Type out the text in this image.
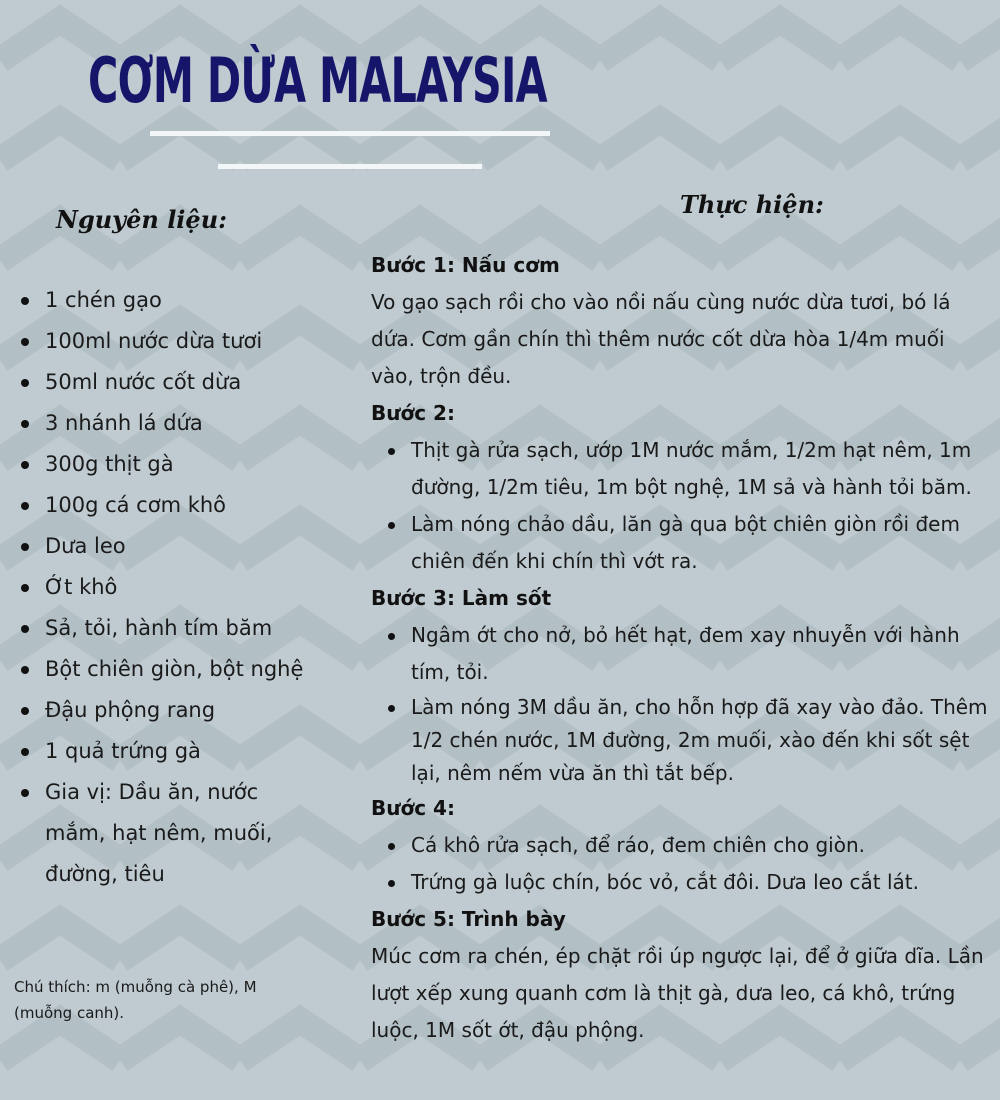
CƠM DỪA MALAYSIA
Nguyên liệu:
1 chén gạo
100ml nước dừa tươi
50ml nước cốt dừa
3 nhánh lá dứa
300g thịt gà
100g cá cơm khô
Dưa leo
Ớt khô
Sả, tỏi, hành tím băm
Bột chiên giòn, bột nghệ
Đậu phộng rang
1 quả trứng gà
Gia vị: Dầu ăn, nước mắm, hạt nêm, muối, đường, tiêu

Chú thích: m (muỗng cà phê), M (muỗng canh).

Thực hiện:

Bước 1: Nấu cơm

Vo gạo sạch rồi cho vào nồi nấu cùng nước dừa tươi, bó lá dứa. Cơm gần chín thì thêm nước cốt dừa hòa 1/4m muối vào, trộn đều.

Bước 2:

Thịt gà rửa sạch, ướp 1M nước mắm, 1/2m hạt nêm, 1m đường, 1/2m tiêu, 1m bột nghệ, 1M sả và hành tỏi băm.
Làm nóng chảo dầu, lăn gà qua bột chiên giòn rồi đem chiên đến khi chín thì vớt ra.

Bước 3: Làm sốt

Ngâm ớt cho nở, bỏ hết hạt, đem xay nhuyễn với hành tím, tỏi.
Làm nóng 3M dầu ăn, cho hỗn hợp đã xay vào đảo. Thêm 1/2 chén nước, 1M đường, 2m muối, xào đến khi sốt sệt lại, nêm nếm vừa ăn thì tắt bếp.

Bước 4:

Cá khô rửa sạch, để ráo, đem chiên cho giòn.
Trứng gà luộc chín, bóc vỏ, cắt đôi. Dưa leo cắt lát.

Bước 5: Trình bày

Múc cơm ra chén, ép chặt rồi úp ngược lại, để ở giữa dĩa. Lần lượt xếp xung quanh cơm là thịt gà, dưa leo, cá khô, trứng luộc, 1M sốt ớt, đậu phộng.
